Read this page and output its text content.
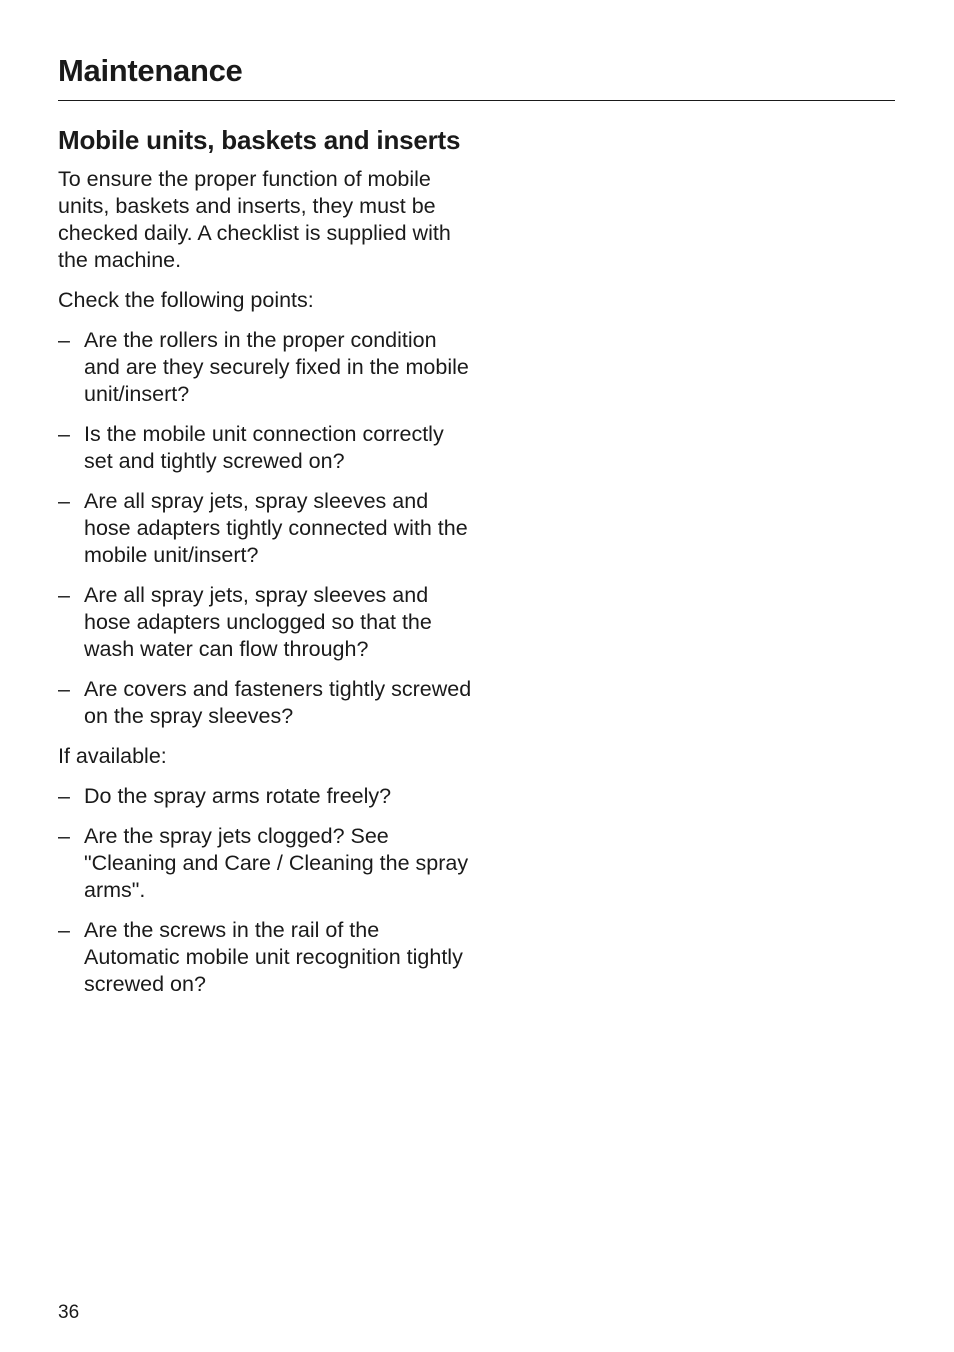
Maintenance
Mobile units, baskets and inserts

To ensure the proper function of mobile units, baskets and inserts, they must be checked daily. A checklist is supplied with the machine.

Check the following points:

– Are the rollers in the proper condition and are they securely fixed in the mobile unit/insert?
– Is the mobile unit connection correctly set and tightly screwed on?
– Are all spray jets, spray sleeves and hose adapters tightly connected with the mobile unit/insert?
– Are all spray jets, spray sleeves and hose adapters unclogged so that the wash water can flow through?
– Are covers and fasteners tightly screwed on the spray sleeves?

If available:

– Do the spray arms rotate freely?
– Are the spray jets clogged? See "Cleaning and Care / Cleaning the spray arms".
– Are the screws in the rail of the Automatic mobile unit recognition tightly screwed on?
36
